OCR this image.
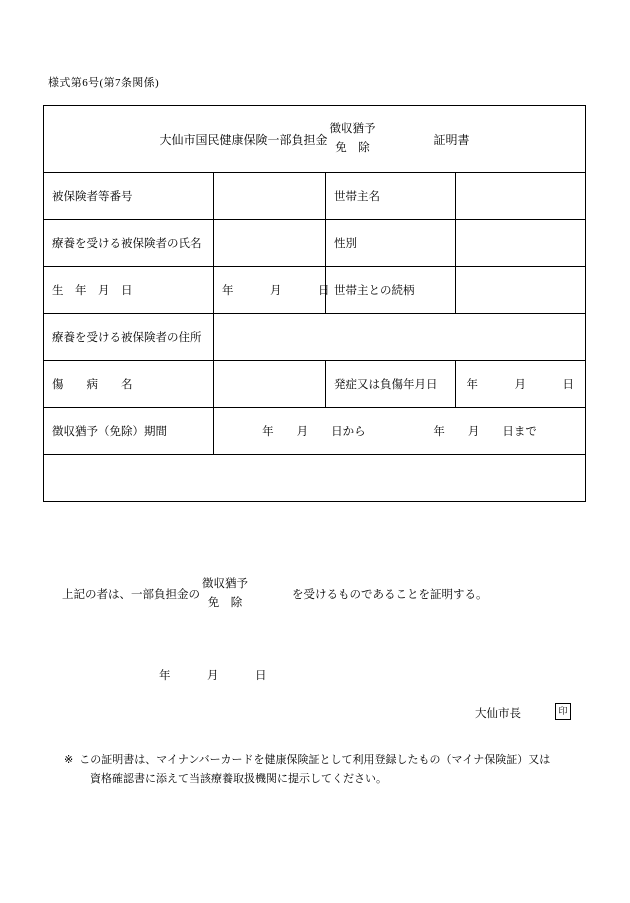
様式第6号(第7条関係)
大仙市国民健康保険一部負担金
徴収猶予
免　除
証明書			

被保険者等番号		世帯主名	

療養を受ける被保険者の氏名		性別	

生　年　月　日	年　　　月　　　日	世帯主との続柄	

療養を受ける被保険者の住所			

傷　　病　　名		発症又は負傷年月日	年　　　月　　　日

徴収猶予（免除）期間	年　　月　　日から 年　　月　　日まで		

上記の者は、一部負担金の
徴収猶予
免　除
を受けるものであることを証明する。
年　　　月　　　日
大仙市長	印
※ この証明書は、マイナンバーカードを健康保険証として利用登録したもの（マイナ保険証）又は
資格確認書に添えて当該療養取扱機関に提示してください。
